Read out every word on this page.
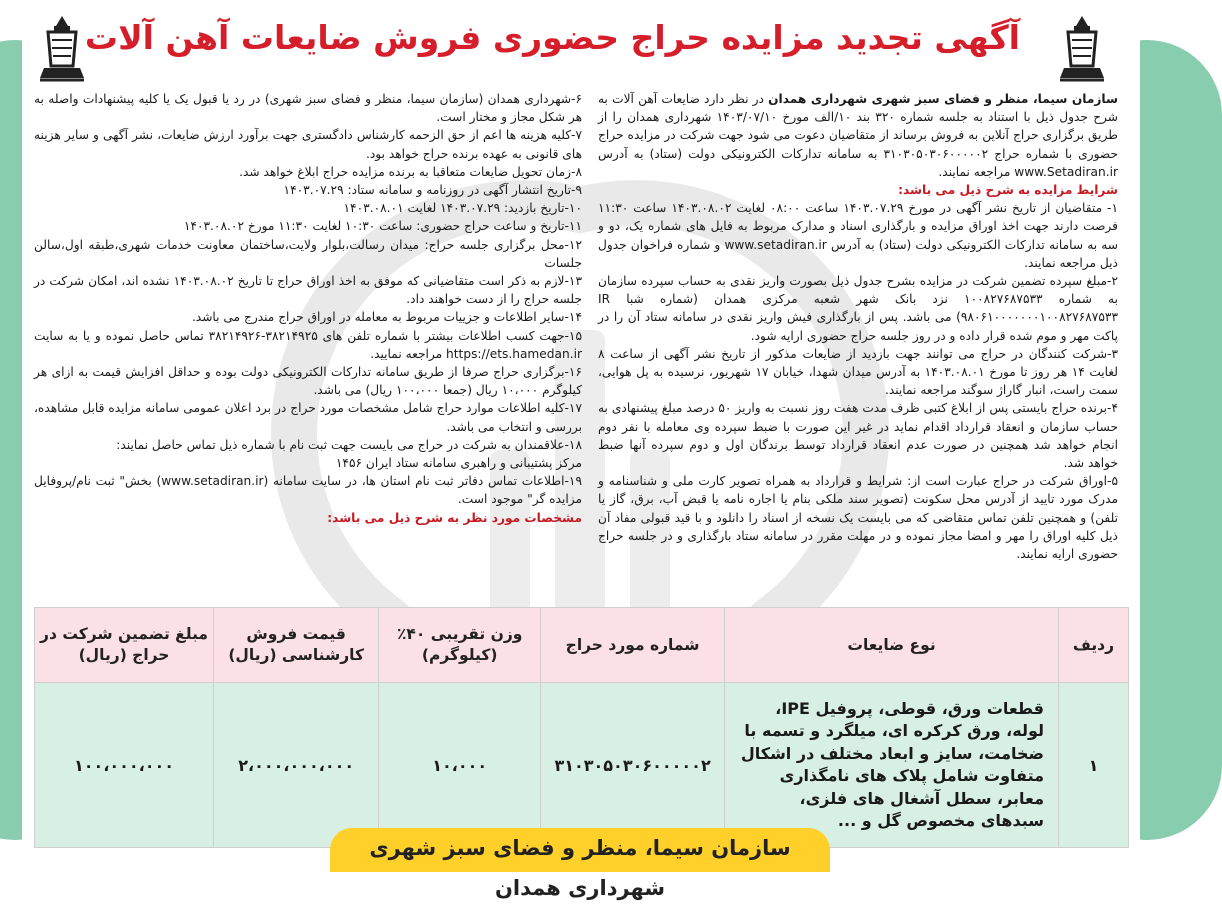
آگهی تجدید مزایده حراج حضوری فروش ضایعات آهن آلات

سازمان سیما، منظر و فضای سبز شهری شهرداری همدان در نظر دارد ضایعات آهن آلات به شرح جدول ذیل با استناد به جلسه شماره ۳۲۰ بند ۱۰/الف مورخ ۱۴۰۳/۰۷/۱۰ شهرداری همدان را از طریق برگزاری حراج آنلاین به فروش برساند از متقاضیان دعوت می شود جهت شرکت در مزایده حراج حضوری با شماره حراج ۳۱۰۳۰۵۰۳۰۶۰۰۰۰۰۲ به سامانه تدارکات الکترونیکی دولت (ستاد) به آدرس www.Setadiran.ir مراجعه نمایند.

شرایط مزایده به شرح ذیل می باشد:

۱- متقاضیان از تاریخ نشر آگهی در مورخ ۱۴۰۳.۰۷.۲۹ ساعت ۰۸:۰۰ لغایت ۱۴۰۳.۰۸.۰۲ ساعت ۱۱:۳۰ فرصت دارند جهت اخذ اوراق مزایده و بارگذاری اسناد و مدارک مربوط به فایل های شماره یک، دو و سه به سامانه تدارکات الکترونیکی دولت (ستاد) به آدرس www.setadiran.ir و شماره فراخوان جدول ذیل مراجعه نمایند.

۲-مبلغ سپرده تضمین شرکت در مزایده بشرح جدول ذیل بصورت واریز نقدی به حساب سپرده سازمان به شماره ۱۰۰۸۲۷۶۸۷۵۳۳ نزد بانک شهر شعبه مرکزی همدان (شماره شبا IR ۹۸۰۶۱۰۰۰۰۰۰۰۱۰۰۸۲۷۶۸۷۵۳۳) می باشد. پس از بارگذاری فیش واریز نقدی در سامانه ستاد آن را در پاکت مهر و موم شده قرار داده و در روز جلسه حراج حضوری ارایه شود.

۳-شرکت کنندگان در حراج می توانند جهت بازدید از ضایعات مذکور از تاریخ نشر آگهی از ساعت ۸ لغایت ۱۴ هر روز تا مورخ ۱۴۰۳.۰۸.۰۱ به آدرس میدان شهدا، خیابان ۱۷ شهریور، نرسیده به پل هوایی، سمت راست، انبار گاراژ سوگند مراجعه نمایند.

۴-برنده حراج بایستی پس از ابلاغ کتبی ظرف مدت هفت روز نسبت به واریز ۵۰ درصد مبلغ پیشنهادی به حساب سازمان و انعقاد قرارداد اقدام نماید در غیر این صورت با ضبط سپرده وی معامله با نفر دوم انجام خواهد شد همچنین در صورت عدم انعقاد قرارداد توسط برندگان اول و دوم سپرده آنها ضبط خواهد شد.

۵-اوراق شرکت در حراج عبارت است از: شرایط و قرارداد به همراه تصویر کارت ملی و شناسنامه و مدرک مورد تایید از آدرس محل سکونت (تصویر سند ملکی بنام یا اجاره نامه یا قبض آب، برق، گاز یا تلفن) و همچنین تلفن تماس متقاضی که می بایست یک نسخه از اسناد را دانلود و با قید قبولی مفاد آن ذیل کلیه اوراق را مهر و امضا مجاز نموده و در مهلت مقرر در سامانه ستاد بارگذاری و در جلسه حراج حضوری ارایه نمایند.

۶-شهرداری همدان (سازمان سیما، منظر و فضای سبز شهری) در رد یا قبول یک یا کلیه پیشنهادات واصله به هر شکل مجاز و مختار است.

۷-کلیه هزینه ها اعم از حق الزحمه کارشناس دادگستری جهت برآورد ارزش ضایعات، نشر آگهی و سایر هزینه های قانونی به عهده برنده حراج خواهد بود.

۸-زمان تحویل ضایعات متعاقبا به برنده مزایده حراج ابلاغ خواهد شد.

۹-تاریخ انتشار آگهی در روزنامه و سامانه ستاد: ۱۴۰۳.۰۷.۲۹

۱۰-تاریخ بازدید: ۱۴۰۳.۰۷.۲۹ لغایت ۱۴۰۳.۰۸.۰۱

۱۱-تاریخ و ساعت حراج حضوری: ساعت ۱۰:۳۰ لغایت ۱۱:۳۰ مورخ ۱۴۰۳.۰۸.۰۲

۱۲-محل برگزاری جلسه حراج: میدان رسالت،بلوار ولایت،ساختمان معاونت خدمات شهری،طبقه اول،سالن جلسات

۱۳-لازم به ذکر است متقاضیانی که موفق به اخذ اوراق حراج تا تاریخ ۱۴۰۳.۰۸.۰۲ نشده اند، امکان شرکت در جلسه حراج را از دست خواهند داد.

۱۴-سایر اطلاعات و جزییات مربوط به معامله در اوراق حراج مندرج می باشد.

۱۵-جهت کسب اطلاعات بیشتر با شماره تلفن های ۳۸۲۱۴۹۲۵-۳۸۲۱۴۹۲۶ تماس حاصل نموده و یا به سایت https://ets.hamedan.ir مراجعه نمایید.

۱۶-برگزاری حراج صرفا از طریق سامانه تدارکات الکترونیکی دولت بوده و حداقل افزایش قیمت به ازای هر کیلوگرم ۱۰،۰۰۰ ریال (جمعا ۱۰۰،۰۰۰ ریال) می باشد.

۱۷-کلیه اطلاعات موارد حراج شامل مشخصات مورد حراج در برد اعلان عمومی سامانه مزایده قابل مشاهده، بررسی و انتخاب می باشد.

۱۸-علاقمندان به شرکت در حراج می بایست جهت ثبت نام با شماره ذیل تماس حاصل نمایند:

مرکز پشتیبانی و راهبری سامانه ستاد ایران ۱۴۵۶

۱۹-اطلاعات تماس دفاتر ثبت نام استان ها، در سایت سامانه (www.setadiran.ir) بخش" ثبت نام/پروفایل مزایده گر" موجود است.

مشخصات مورد نظر به شرح ذیل می باشد:

ردیف	نوع ضایعات	شماره مورد حراج	وزن تقریبی ۴۰٪ (کیلوگرم)	قیمت فروش کارشناسی (ریال)	مبلغ تضمین شرکت در حراج (ریال)
۱	قطعات ورق، قوطی، پروفیل IPE، لوله، ورق کرکره ای، میلگرد و تسمه با ضخامت، سایز و ابعاد مختلف در اشکال متفاوت شامل پلاک های نامگذاری معابر، سطل آشغال های فلزی، سبدهای مخصوص گل و ...	۳۱۰۳۰۵۰۳۰۶۰۰۰۰۰۲	۱۰،۰۰۰	۲،۰۰۰،۰۰۰،۰۰۰	۱۰۰،۰۰۰،۰۰۰
سازمان سیما، منظر و فضای سبز شهری شهرداری همدان
